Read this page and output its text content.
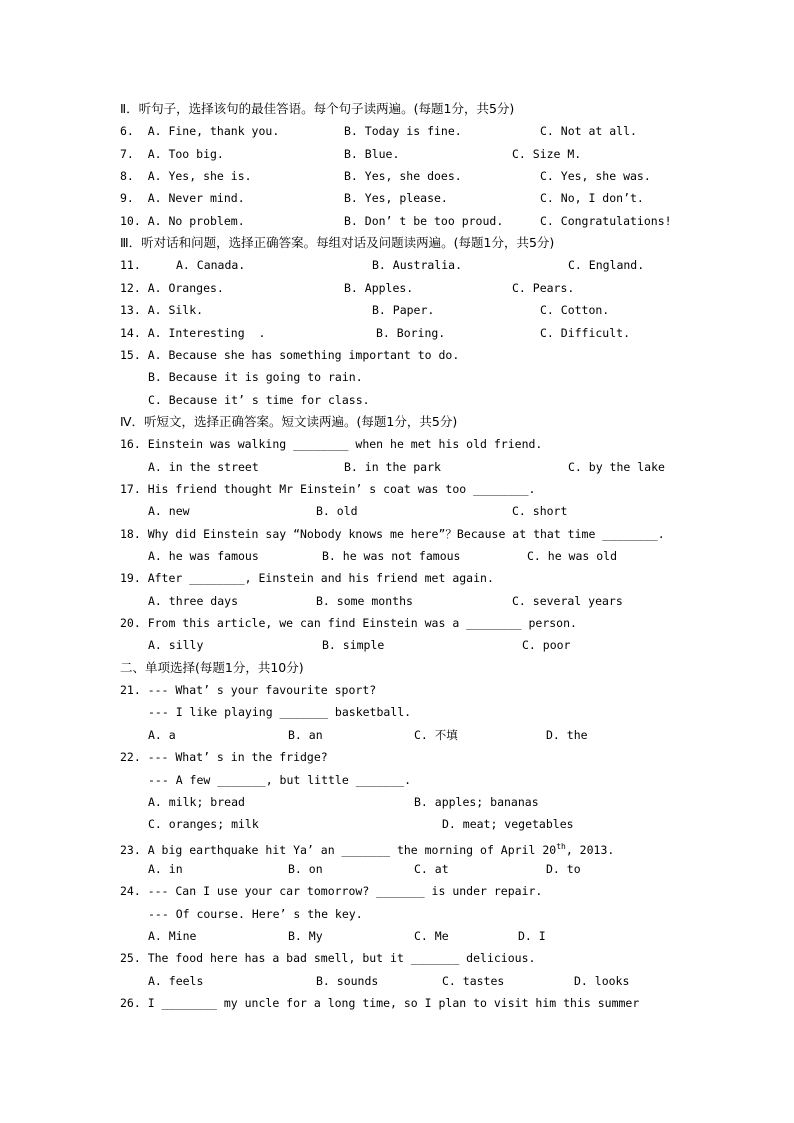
Ⅱ．听句子，选择该句的最佳答语。每个句子读两遍。(每题1分，共5分)
6.  A. Fine, thank you.	B. Today is fine.	C. Not at all.
7.  A. Too big.	B. Blue.	C. Size M.
8.  A. Yes, she is.	B. Yes, she does.	C. Yes, she was.
9.  A. Never mind.	B. Yes, please.	C. No, I don’t.
10. A. No problem.	B. Don’ t be too proud.	C. Congratulations!
Ⅲ．听对话和问题，选择正确答案。每组对话及问题读两遍。(每题1分，共5分)
11.	A. Canada.	B. Australia.	C. England.
12. A. Oranges.	B. Apples.	C. Pears.
13. A. Silk.	B. Paper.	C. Cotton.
14. A. Interesting  .	B. Boring.	C. Difficult.
15. A. Because she has something important to do.
B. Because it is going to rain.
C. Because it’ s time for class.
Ⅳ．听短文，选择正确答案。短文读两遍。(每题1分，共5分)
16. Einstein was walking ________ when he met his old friend.
A. in the street	B. in the park	C. by the lake
17. His friend thought Mr Einstein’ s coat was too ________.
A. new	B. old	C. short
18. Why did Einstein say “Nobody knows me here”？Because at that time ________.
A. he was famous	B. he was not famous	C. he was old
19. After ________, Einstein and his friend met again.
A. three days	B. some months	C. several years
20. From this article, we can find Einstein was a ________ person.
A. silly	B. simple	C. poor
二、单项选择(每题1分，共10分)
21. --- What’ s your favourite sport?
--- I like playing _______ basketball.
A. a	B. an	C. 不填	D. the
22. --- What’ s in the fridge?
--- A few _______, but little _______.
A. milk; bread	B. apples; bananas
C. oranges; milk	D. meat; vegetables
23. A big earthquake hit Ya’ an _______ the morning of April 20th, 2013.
A. in	B. on	C. at	D. to
24. --- Can I use your car tomorrow? _______ is under repair.
--- Of course. Here’ s the key.
A. Mine	B. My	C. Me	D. I
25. The food here has a bad smell, but it _______ delicious.
A. feels	B. sounds	C. tastes	D. looks
26. I ________ my uncle for a long time, so I plan to visit him this summer
